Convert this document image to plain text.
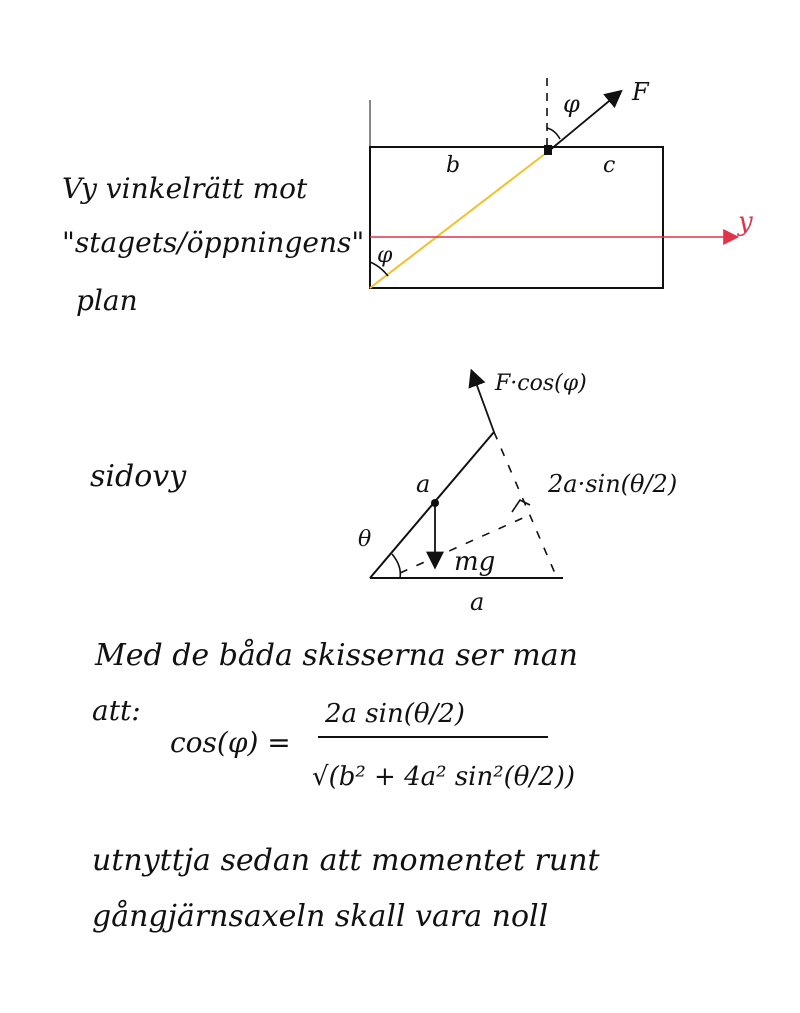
φ F
b	c
y
φ
Vy vinkelrätt mot
"stagets/öppningens"
plan
F·cos(φ)
a	2a·sin(θ/2)
θ
mg
a
sidovy
Med de båda skisserna ser man
att:
cos(φ) =
2a sin(θ/2)
√(b² + 4a² sin²(θ/2))
utnyttja sedan att momentet runt
gångjärnsaxeln skall vara noll
